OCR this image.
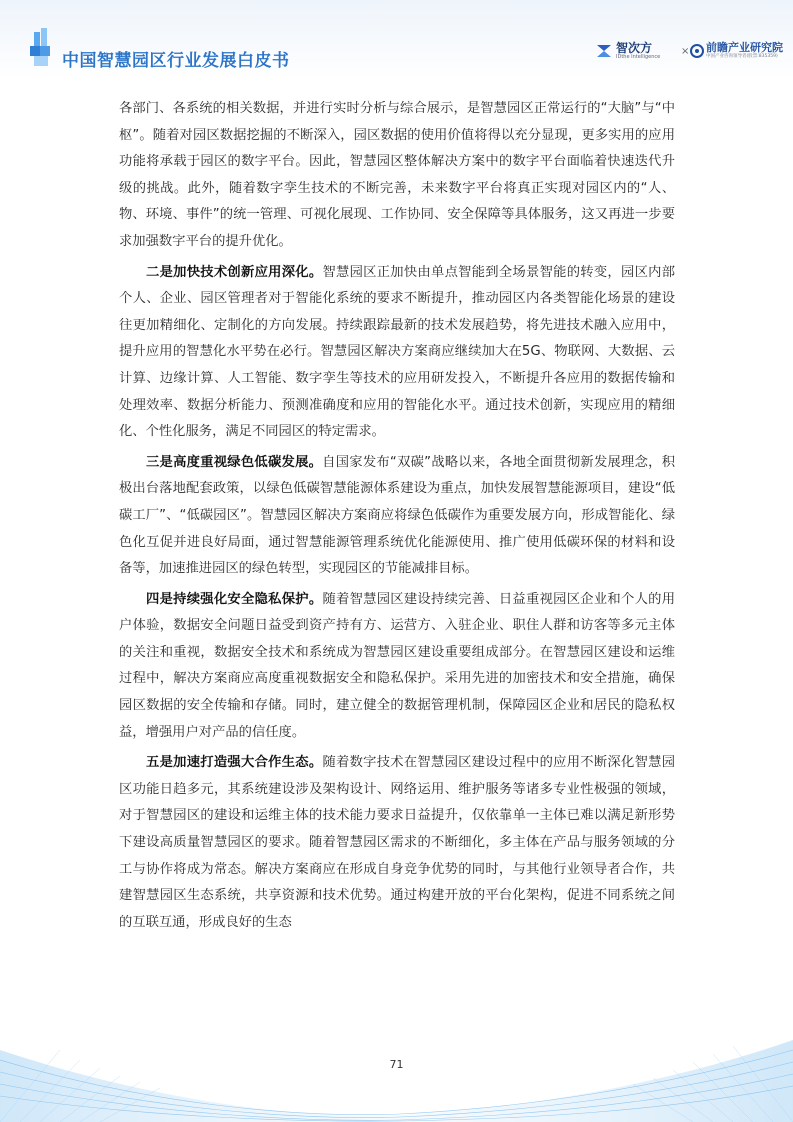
中国智慧园区行业发展白皮书
智次方
IDthe Intelligence × 前瞻产业研究院
中国产业咨询领导者(股票:835359)

各部门、各系统的相关数据，并进行实时分析与综合展示，是智慧园区正常运行的“大脑”与“中枢”。随着对园区数据挖掘的不断深入，园区数据的使用价值将得以充分显现，更多实用的应用功能将承载于园区的数字平台。因此，智慧园区整体解决方案中的数字平台面临着快速迭代升级的挑战。此外，随着数字孪生技术的不断完善，未来数字平台将真正实现对园区内的“人、物、环境、事件”的统一管理、可视化展现、工作协同、安全保障等具体服务，这又再进一步要求加强数字平台的提升优化。

二是加快技术创新应用深化。智慧园区正加快由单点智能到全场景智能的转变，园区内部个人、企业、园区管理者对于智能化系统的要求不断提升，推动园区内各类智能化场景的建设往更加精细化、定制化的方向发展。持续跟踪最新的技术发展趋势，将先进技术融入应用中，提升应用的智慧化水平势在必行。智慧园区解决方案商应继续加大在5G、物联网、大数据、云计算、边缘计算、人工智能、数字孪生等技术的应用研发投入，不断提升各应用的数据传输和处理效率、数据分析能力、预测准确度和应用的智能化水平。通过技术创新，实现应用的精细化、个性化服务，满足不同园区的特定需求。

三是高度重视绿色低碳发展。自国家发布“双碳”战略以来，各地全面贯彻新发展理念，积极出台落地配套政策，以绿色低碳智慧能源体系建设为重点，加快发展智慧能源项目，建设“低碳工厂”、“低碳园区”。智慧园区解决方案商应将绿色低碳作为重要发展方向，形成智能化、绿色化互促并进良好局面，通过智慧能源管理系统优化能源使用、推广使用低碳环保的材料和设备等，加速推进园区的绿色转型，实现园区的节能减排目标。

四是持续强化安全隐私保护。随着智慧园区建设持续完善、日益重视园区企业和个人的用户体验，数据安全问题日益受到资产持有方、运营方、入驻企业、职住人群和访客等多元主体的关注和重视，数据安全技术和系统成为智慧园区建设重要组成部分。在智慧园区建设和运维过程中，解决方案商应高度重视数据安全和隐私保护。采用先进的加密技术和安全措施，确保园区数据的安全传输和存储。同时，建立健全的数据管理机制，保障园区企业和居民的隐私权益，增强用户对产品的信任度。

五是加速打造强大合作生态。随着数字技术在智慧园区建设过程中的应用不断深化智慧园区功能日趋多元，其系统建设涉及架构设计、网络运用、维护服务等诸多专业性极强的领域，对于智慧园区的建设和运维主体的技术能力要求日益提升，仅依靠单一主体已难以满足新形势下建设高质量智慧园区的要求。随着智慧园区需求的不断细化，多主体在产品与服务领域的分工与协作将成为常态。解决方案商应在形成自身竞争优势的同时，与其他行业领导者合作，共建智慧园区生态系统，共享资源和技术优势。通过构建开放的平台化架构，促进不同系统之间的互联互通，形成良好的生态

71
